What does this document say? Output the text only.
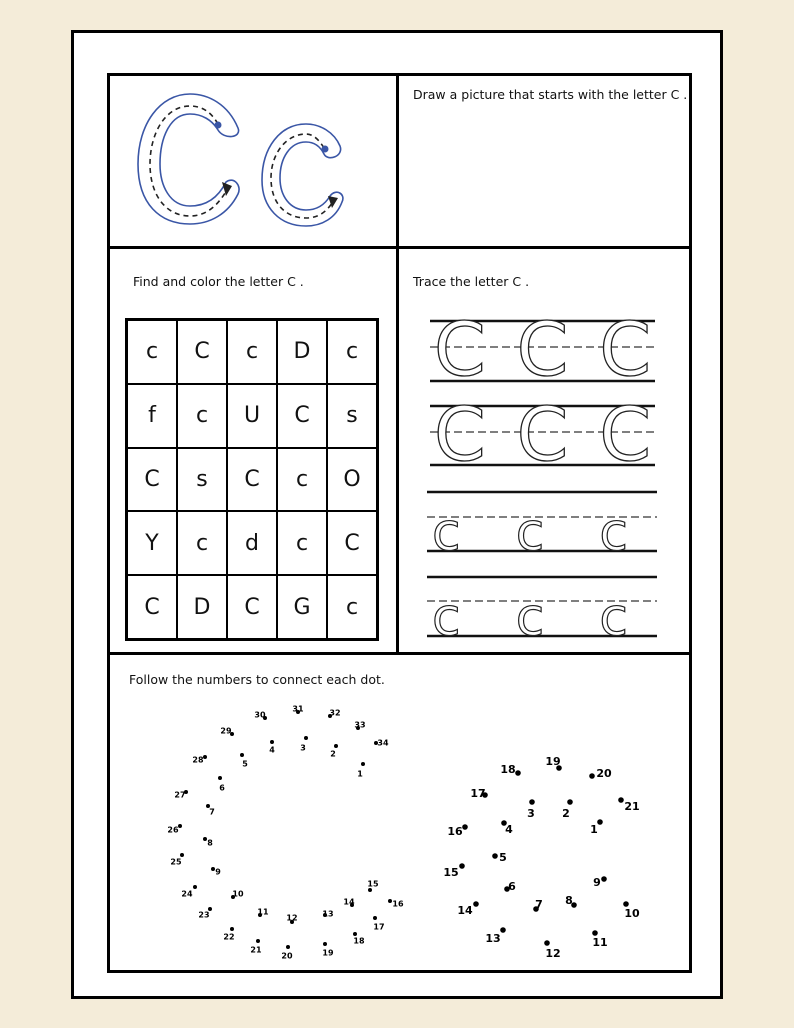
Draw a picture that starts with the letter C .
Find and color the letter C .
c	C	c	D	c
f	c	U	C	s
C	s	C	c	O
Y	c	d	c	C
C	D	C	G	c
Trace the letter C .
C C C
C C C
c c c
c c c
Follow the numbers to connect each dot.
1
2
3
4
5
6
7
8
9
10
11
12	13
14
15
16
17
18
19
20
21
22
23
24
25
26
27
28
29
30
31	32
33
34
1
2
3
4
5
6
7 8
9
10
11
12
13
14
15
16
17
18
19
20
21
